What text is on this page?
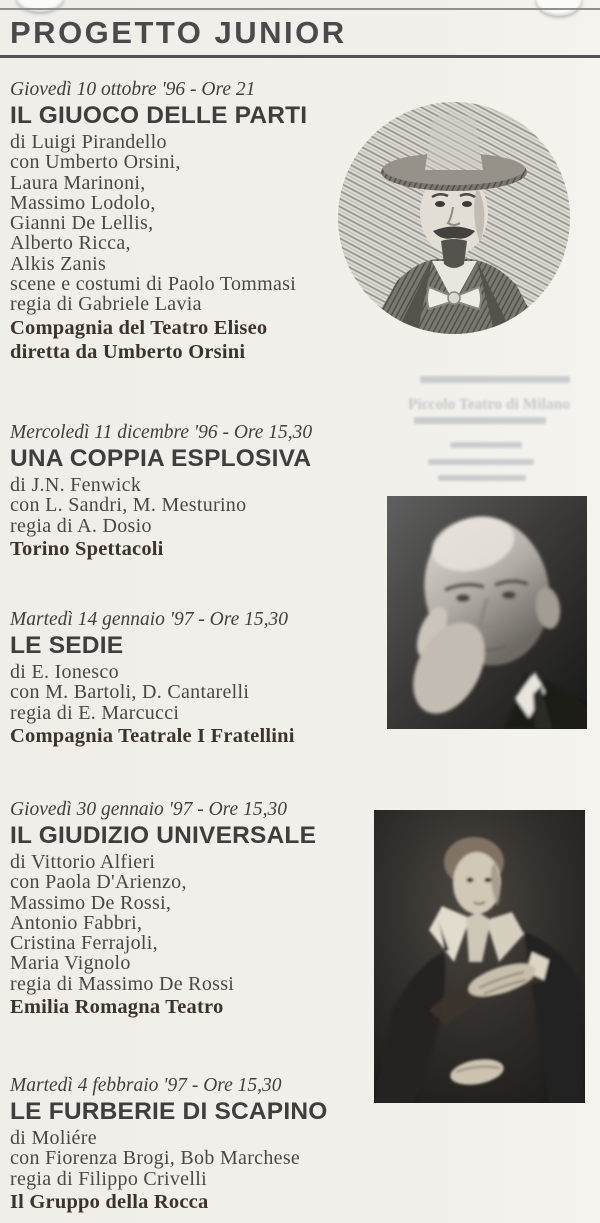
PROGETTO JUNIOR
Piccolo Teatro di Milano
Giovedì 10 ottobre '96 - Ore 21
IL GIUOCO DELLE PARTI
di Luigi Pirandello
con Umberto Orsini,
Laura Marinoni,
Massimo Lodolo,
Gianni De Lellis,
Alberto Ricca,
Alkis Zanis
scene e costumi di Paolo Tommasi
regia di Gabriele Lavia
Compagnia del Teatro Eliseo
diretta da Umberto Orsini
Mercoledì 11 dicembre '96 - Ore 15,30
UNA COPPIA ESPLOSIVA
di J.N. Fenwick
con L. Sandri, M. Mesturino
regia di A. Dosio
Torino Spettacoli
Martedì 14 gennaio '97 - Ore 15,30
LE SEDIE
di E. Ionesco
con M. Bartoli, D. Cantarelli
regia di E. Marcucci
Compagnia Teatrale I Fratellini
Giovedì 30 gennaio '97 - Ore 15,30
IL GIUDIZIO UNIVERSALE
di Vittorio Alfieri
con Paola D'Arienzo,
Massimo De Rossi,
Antonio Fabbri,
Cristina Ferrajoli,
Maria Vignolo
regia di Massimo De Rossi
Emilia Romagna Teatro
Martedì 4 febbraio '97 - Ore 15,30
LE FURBERIE DI SCAPINO
di Moliére
con Fiorenza Brogi, Bob Marchese
regia di Filippo Crivelli
Il Gruppo della Rocca
